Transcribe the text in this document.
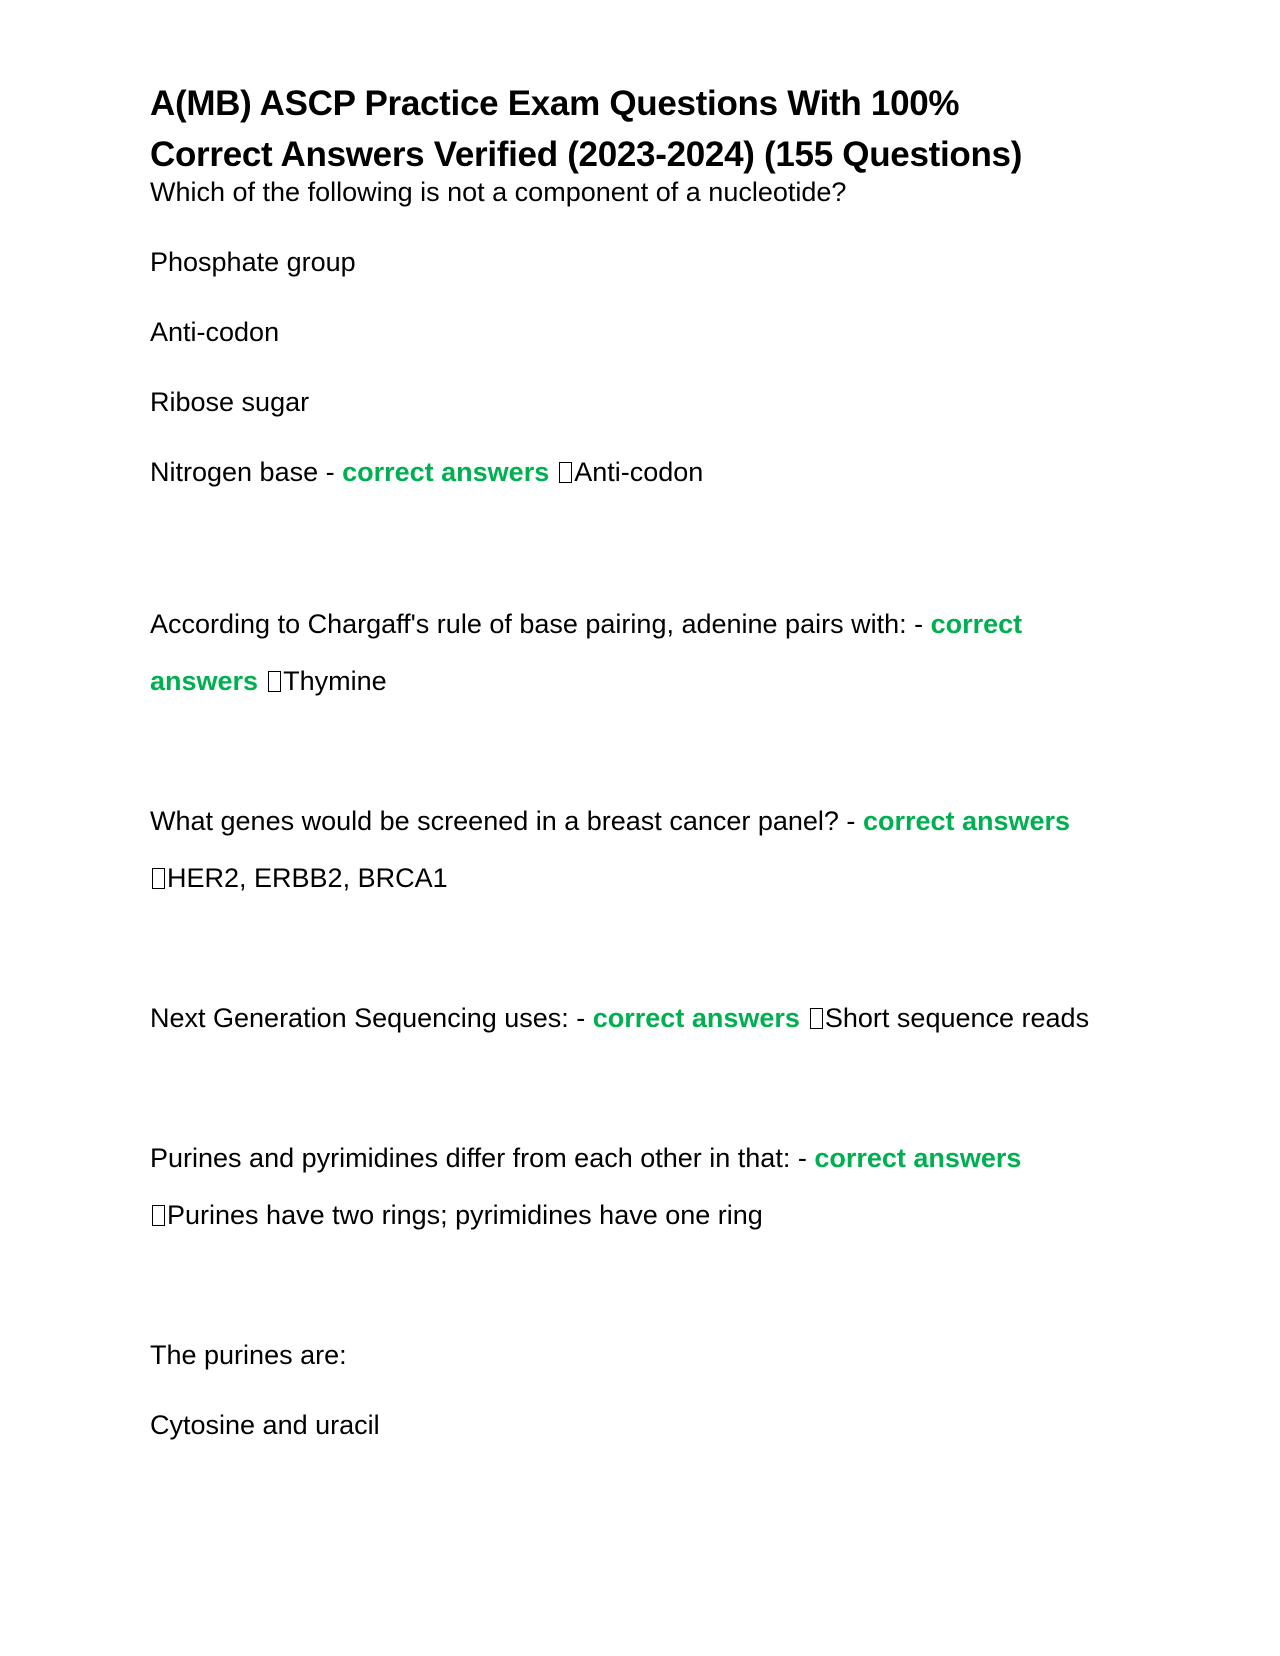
A(MB) ASCP Practice Exam Questions With 100%
Correct Answers Verified (2023-2024) (155 Questions)

Which of the following is not a component of a nucleotide?

Phosphate group

Anti-codon

Ribose sugar

Nitrogen base - correct answers Anti-codon

According to Chargaff's rule of base pairing, adenine pairs with: - correct

answers Thymine

What genes would be screened in a breast cancer panel? - correct answers

HER2, ERBB2, BRCA1

Next Generation Sequencing uses: - correct answers Short sequence reads

Purines and pyrimidines differ from each other in that: - correct answers

Purines have two rings; pyrimidines have one ring

The purines are:

Cytosine and uracil
